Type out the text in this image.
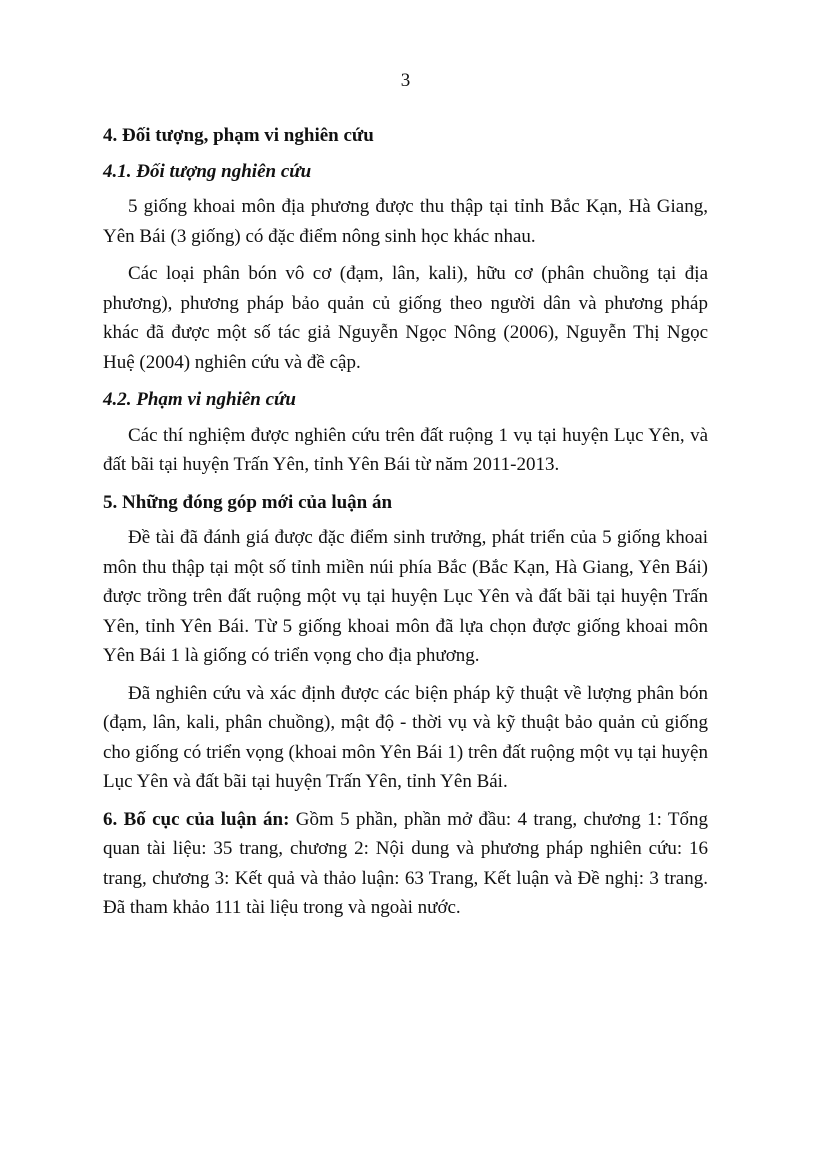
3
4. Đối tượng, phạm vi nghiên cứu
4.1. Đối tượng nghiên cứu

5 giống khoai môn địa phương được thu thập tại tỉnh Bắc Kạn, Hà Giang, Yên Bái (3 giống) có đặc điểm nông sinh học khác nhau.

Các loại phân bón vô cơ (đạm, lân, kali), hữu cơ (phân chuồng tại địa phương), phương pháp bảo quản củ giống theo người dân và phương pháp khác đã được một số tác giả Nguyễn Ngọc Nông (2006), Nguyễn Thị Ngọc Huệ (2004) nghiên cứu và đề cập.

4.2. Phạm vi nghiên cứu

Các thí nghiệm được nghiên cứu trên đất ruộng 1 vụ tại huyện Lục Yên, và đất bãi tại huyện Trấn Yên, tỉnh Yên Bái từ năm 2011-2013.

5. Những đóng góp mới của luận án

Đề tài đã đánh giá được đặc điểm sinh trưởng, phát triển của 5 giống khoai môn thu thập tại một số tỉnh miền núi phía Bắc (Bắc Kạn, Hà Giang, Yên Bái) được trồng trên đất ruộng một vụ tại huyện Lục Yên và đất bãi tại huyện Trấn Yên, tỉnh Yên Bái. Từ 5 giống khoai môn đã lựa chọn được giống khoai môn Yên Bái 1 là giống có triển vọng cho địa phương.

Đã nghiên cứu và xác định được các biện pháp kỹ thuật về lượng phân bón (đạm, lân, kali, phân chuồng), mật độ - thời vụ và kỹ thuật bảo quản củ giống cho giống có triển vọng (khoai môn Yên Bái 1) trên đất ruộng một vụ tại huyện Lục Yên và đất bãi tại huyện Trấn Yên, tỉnh Yên Bái.

6. Bố cục của luận án: Gồm 5 phần, phần mở đầu: 4 trang, chương 1: Tổng quan tài liệu: 35 trang, chương 2: Nội dung và phương pháp nghiên cứu: 16 trang, chương 3: Kết quả và thảo luận: 63 Trang, Kết luận và Đề nghị: 3 trang. Đã tham khảo 111 tài liệu trong và ngoài nước.
